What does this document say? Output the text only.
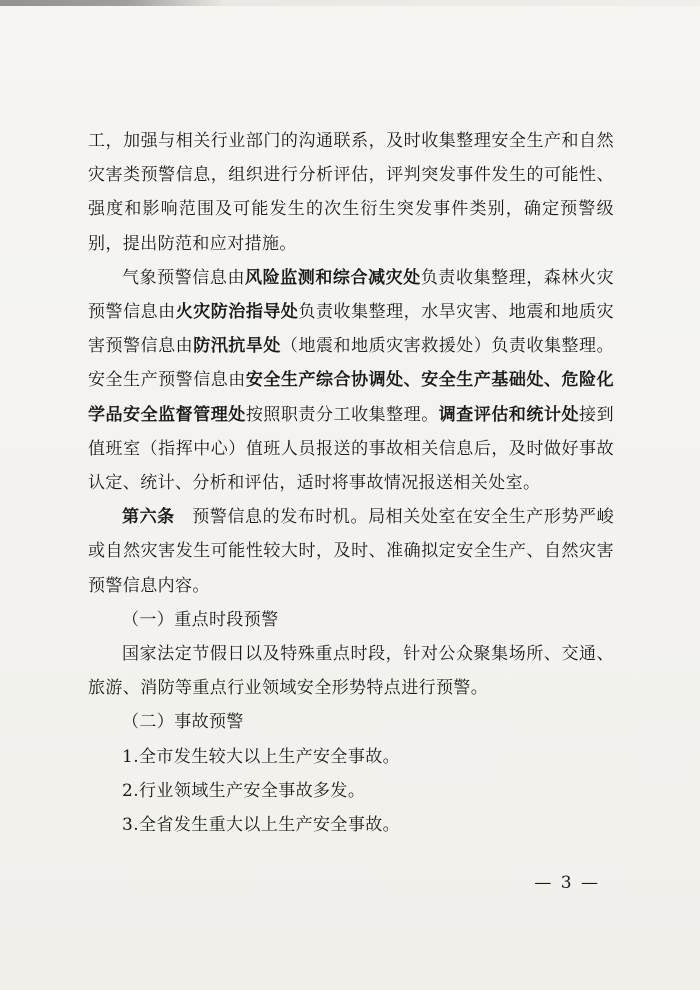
工，加强与相关行业部门的沟通联系，及时收集整理安全生产和自然灾害类预警信息，组织进行分析评估，评判突发事件发生的可能性、强度和影响范围及可能发生的次生衍生突发事件类别，确定预警级别，提出防范和应对措施。

气象预警信息由风险监测和综合减灾处负责收集整理，森林火灾预警信息由火灾防治指导处负责收集整理，水旱灾害、地震和地质灾害预警信息由防汛抗旱处（地震和地质灾害救援处）负责收集整理。安全生产预警信息由安全生产综合协调处、安全生产基础处、危险化学品安全监督管理处按照职责分工收集整理。调查评估和统计处接到值班室（指挥中心）值班人员报送的事故相关信息后，及时做好事故认定、统计、分析和评估，适时将事故情况报送相关处室。

第六条　预警信息的发布时机。局相关处室在安全生产形势严峻或自然灾害发生可能性较大时，及时、准确拟定安全生产、自然灾害预警信息内容。

（一）重点时段预警

国家法定节假日以及特殊重点时段，针对公众聚集场所、交通、旅游、消防等重点行业领域安全形势特点进行预警。

（二）事故预警

1.全市发生较大以上生产安全事故。

2.行业领域生产安全事故多发。

3.全省发生重大以上生产安全事故。

— 3 —
